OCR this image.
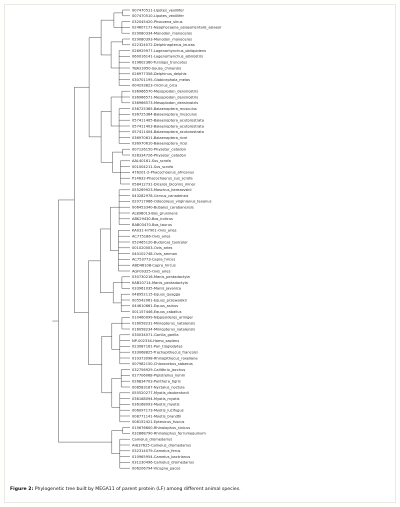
007470511-Lipotes_vexillifer
007470510-Lipotes_vexillifer
032045420-Phocoena_sinus
024607171-Neophocaena_asiaeorientalis_asiaeor
029080334-Monodon_monoceros
029080393-Monodon_monoceros
022324072-Delphinapterus_leucas
026929977-Lagenorhynchus_obliquidens
060016141-Lagenorhynchus_albirostris
019602360-Tursiops_truncatus
TBA23950-Sousa_chinensis
026977356-Delphinus_delphis
030701195-Globicephala_melas
004293823-Orcinus_orca
036966570-Mesoplodon_densirostris
036966571-Mesoplodon_densirostris
036966573-Mesoplodon_densirostris
036725365-Balaenoptera_musculus
036725364-Balaenoptera_musculus
057411405-Balaenoptera_acutorostrata
057411403-Balaenoptera_acutorostrata
057411404-Balaenoptera_acutorostrata
036970611-Balaenoptera_ricei
036970610-Balaenoptera_ricei
007126150-Physeter_catodon
028334726-Physeter_catodon
AAL40161-Sus_scrofa
001004211-Sus_scrofa
476201-2-Phacochoerus_africanus
P14632-Phacochoerus_sus_scrofa
058412731-Diceros_bicornis_minor
055269923-Moschus_berezovskii
043282978-Cervus_canadensis
020717966-Odocoileus_virginianus_texanus
006453340-Bubalus_carabanensis
AL898013-Bos_grunniens
ABK29430-Bos_indicus
BAB03470-Bos_taurus
KA031-H7901-Ovis_aries
AC775186-Ovis_aries
052465120-Budorcas_taxicolor
001020003-Ovis_aries
040102748-Ovis_ammon
AC753773-Capra_hircus
ABD46108-Capra_hircus
AGF09325-Ovis_aries
030730216-Manis_pentadactyla
KAB20714-Manis_pentadactyla
033961035-Manis_javanica
048952115-Equus_quagga
005542061-Equus_przewalskii
044610661-Equus_asinus
001157446-Equus_caballus
010460099-Nipposideros_armiger
016058231-Miniopterus_natalensis
016058234-Miniopterus_natalensis
030034071-Gorilla_gorilla
NP-002334-Homo_sapiens
023087161-Pan_troglodytes
033068825-Trachypithecus_francoisi
010373098-Rhinopithecus_roxellana
007982150-Chlorocebus_sabaeus
032756929-Callithrix_jacchus
027706068-Pipistrellus_kuhlii
026834703-Panthera_tigris
008583187-Nyctalus_noctula
055520277-Myotis_daubentonii
036168094-Myotis_myotis
036168093-Myotis_myotis
006097173-Myotis_lucifugus
008771141-Myotis_brandtii
008152421-Eptesicus_fuscus
015676600-Rhinolophus_sinicus
032868790-Rhinolophus_ferrumequinum
Camelus_dromedarius
AHJ37625-Camelus_dromedarius
032314079-Camelus_ferus
010965954-Camelus_bactrianus
031230496-Camelus_dromedarius
006206794-Vicugna_pacos
Figure 2: Phylogenetic tree built by MEGA11 of parent protein (LF) among different animal species.
